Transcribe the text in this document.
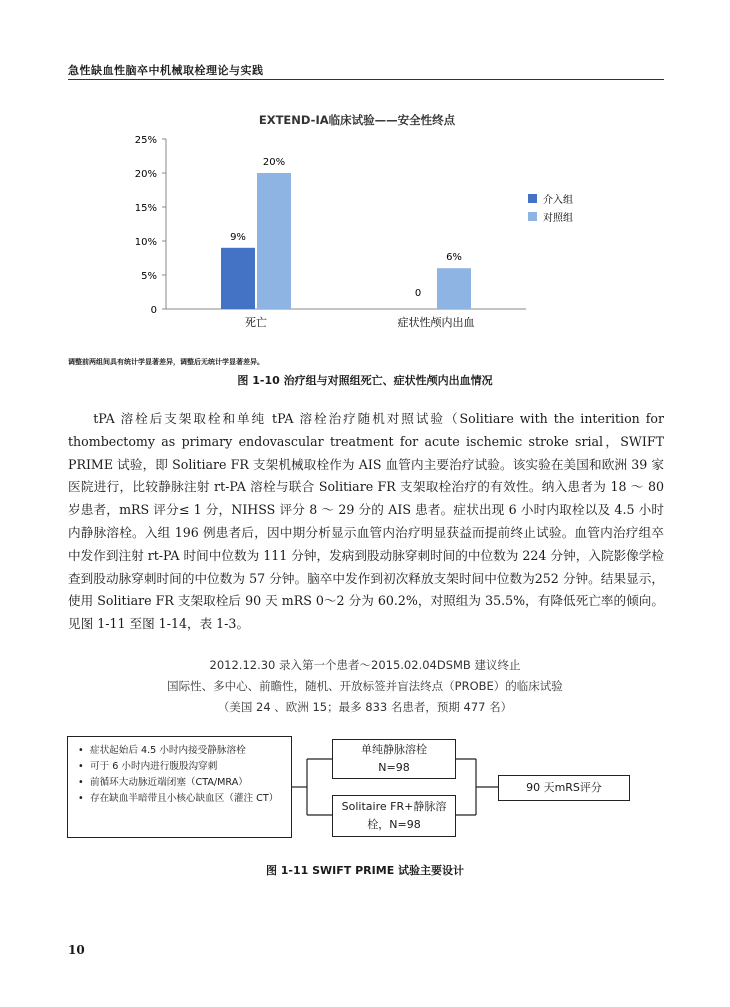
急性缺血性脑卒中机械取栓理论与实践
EXTEND-IA临床试验——安全性终点
0
5%
10%
15%
20%
25%
9%
0
20%
6%
死亡	症状性颅内出血
介入组
对照组
调整前两组间具有统计学显著差异，调整后无统计学显著差异。
图 1-10 治疗组与对照组死亡、症状性颅内出血情况
tPA 溶栓后支架取栓和单纯 tPA 溶栓治疗随机对照试验（Solitiare with the interition for thombectomy as primary endovascular treatment for acute ischemic stroke srial，SWIFT PRIME 试验，即 Solitiare FR 支架机械取栓作为 AIS 血管内主要治疗试验。该实验在美国和欧洲 39 家医院进行，比较静脉注射 rt-PA 溶栓与联合 Solitiare FR 支架取栓治疗的有效性。纳入患者为 18 ～ 80 岁患者，mRS 评分≤ 1 分，NIHSS 评分 8 ～ 29 分的 AIS 患者。症状出现 6 小时内取栓以及 4.5 小时内静脉溶栓。入组 196 例患者后，因中期分析显示血管内治疗明显获益而提前终止试验。血管内治疗组卒中发作到注射 rt-PA 时间中位数为 111 分钟，发病到股动脉穿刺时间的中位数为 224 分钟，入院影像学检查到股动脉穿刺时间的中位数为 57 分钟。脑卒中发作到初次释放支架时间中位数为252 分钟。结果显示，使用 Solitiare FR 支架取栓后 90 天 mRS 0～2 分为 60.2%，对照组为 35.5%，有降低死亡率的倾向。见图 1-11 至图 1-14，表 1-3。
2012.12.30 录入第一个患者～2015.02.04DSMB 建议终止
国际性、多中心、前瞻性，随机、开放标签并盲法终点（PROBE）的临床试验
（美国 24 、欧洲 15；最多 833 名患者，预期 477 名）
• 症状起始后 4.5 小时内接受静脉溶栓
• 可于 6 小时内进行腹股沟穿刺
• 前循环大动脉近端闭塞（CTA/MRA）
• 存在缺血半暗带且小核心缺血区（灌注 CT）
单纯静脉溶栓
N=98
Solitaire FR+静脉溶栓，N=98
90 天mRS评分
图 1-11 SWIFT PRIME 试验主要设计
10
